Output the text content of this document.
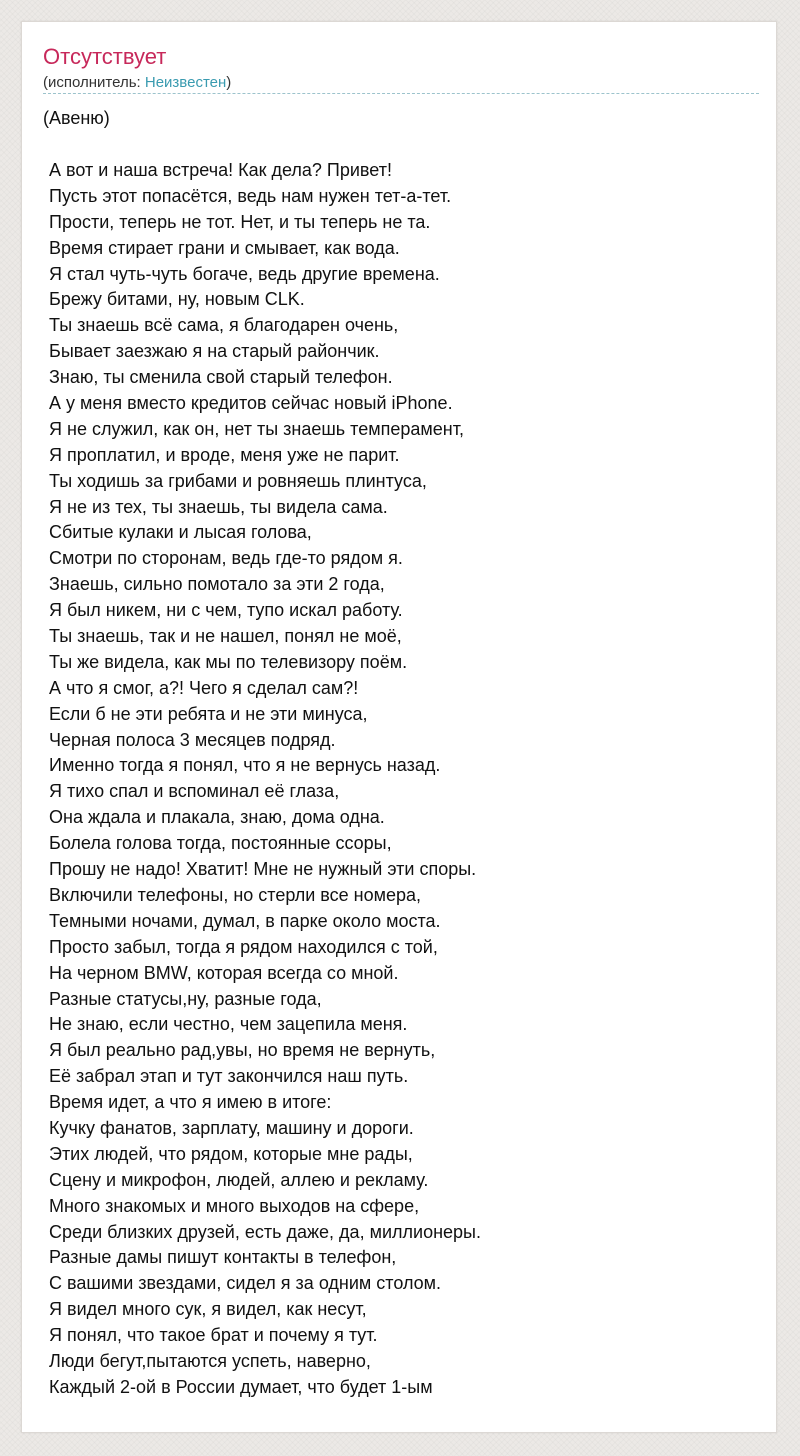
Отсутствует
(исполнитель: Неизвестен)
(Авеню)
А вот и наша встреча! Как дела? Привет!
Пусть этот попасётся, ведь нам нужен тет-а-тет.
Прости, теперь не тот. Нет, и ты теперь не та.
Время стирает грани и смывает, как вода.
Я стал чуть-чуть богаче, ведь другие времена.
Брежу битами, ну, новым CLK.
Ты знаешь всё сама, я благодарен очень,
Бывает заезжаю я на старый райончик.
Знаю, ты сменила свой старый телефон.
А у меня вместо кредитов сейчас новый iPhone.
Я не служил, как он, нет ты знаешь темперамент,
Я проплатил, и вроде, меня уже не парит.
Ты ходишь за грибами и ровняешь плинтуса,
Я не из тех, ты знаешь, ты видела сама.
Сбитые кулаки и лысая голова,
Смотри по сторонам, ведь где-то рядом я.
Знаешь, сильно помотало за эти 2 года,
Я был никем, ни с чем, тупо искал работу.
Ты знаешь, так и не нашел, понял не моё,
Ты же видела, как мы по телевизору поём.
А что я смог, а?! Чего я сделал сам?!
Если б не эти ребята и не эти минуса,
Черная полоса 3 месяцев подряд.
Именно тогда я понял, что я не вернусь назад.
Я тихо спал и вспоминал её глаза,
Она ждала и плакала, знаю, дома одна.
Болела голова тогда, постоянные ссоры,
Прошу не надо! Хватит! Мне не нужный эти споры.
Включили телефоны, но стерли все номера,
Темными ночами, думал, в парке около моста.
Просто забыл, тогда я рядом находился с той,
На черном BMW, которая всегда со мной.
Разные статусы,ну, разные года,
Не знаю, если честно, чем зацепила меня.
Я был реально рад,увы, но время не вернуть,
Её забрал этап и тут закончился наш путь.
Время идет, а что я имею в итоге:
Кучку фанатов, зарплату, машину и дороги.
Этих людей, что рядом, которые мне рады,
Сцену и микрофон, людей, аллею и рекламу.
Много знакомых и много выходов на сфере,
Среди близких друзей, есть даже, да, миллионеры.
Разные дамы пишут контакты в телефон,
С вашими звездами, сидел я за одним столом.
Я видел много сук, я видел, как несут,
Я понял, что такое брат и почему я тут.
Люди бегут,пытаются успеть, наверно,
Каждый 2-ой в России думает, что будет 1-ым
